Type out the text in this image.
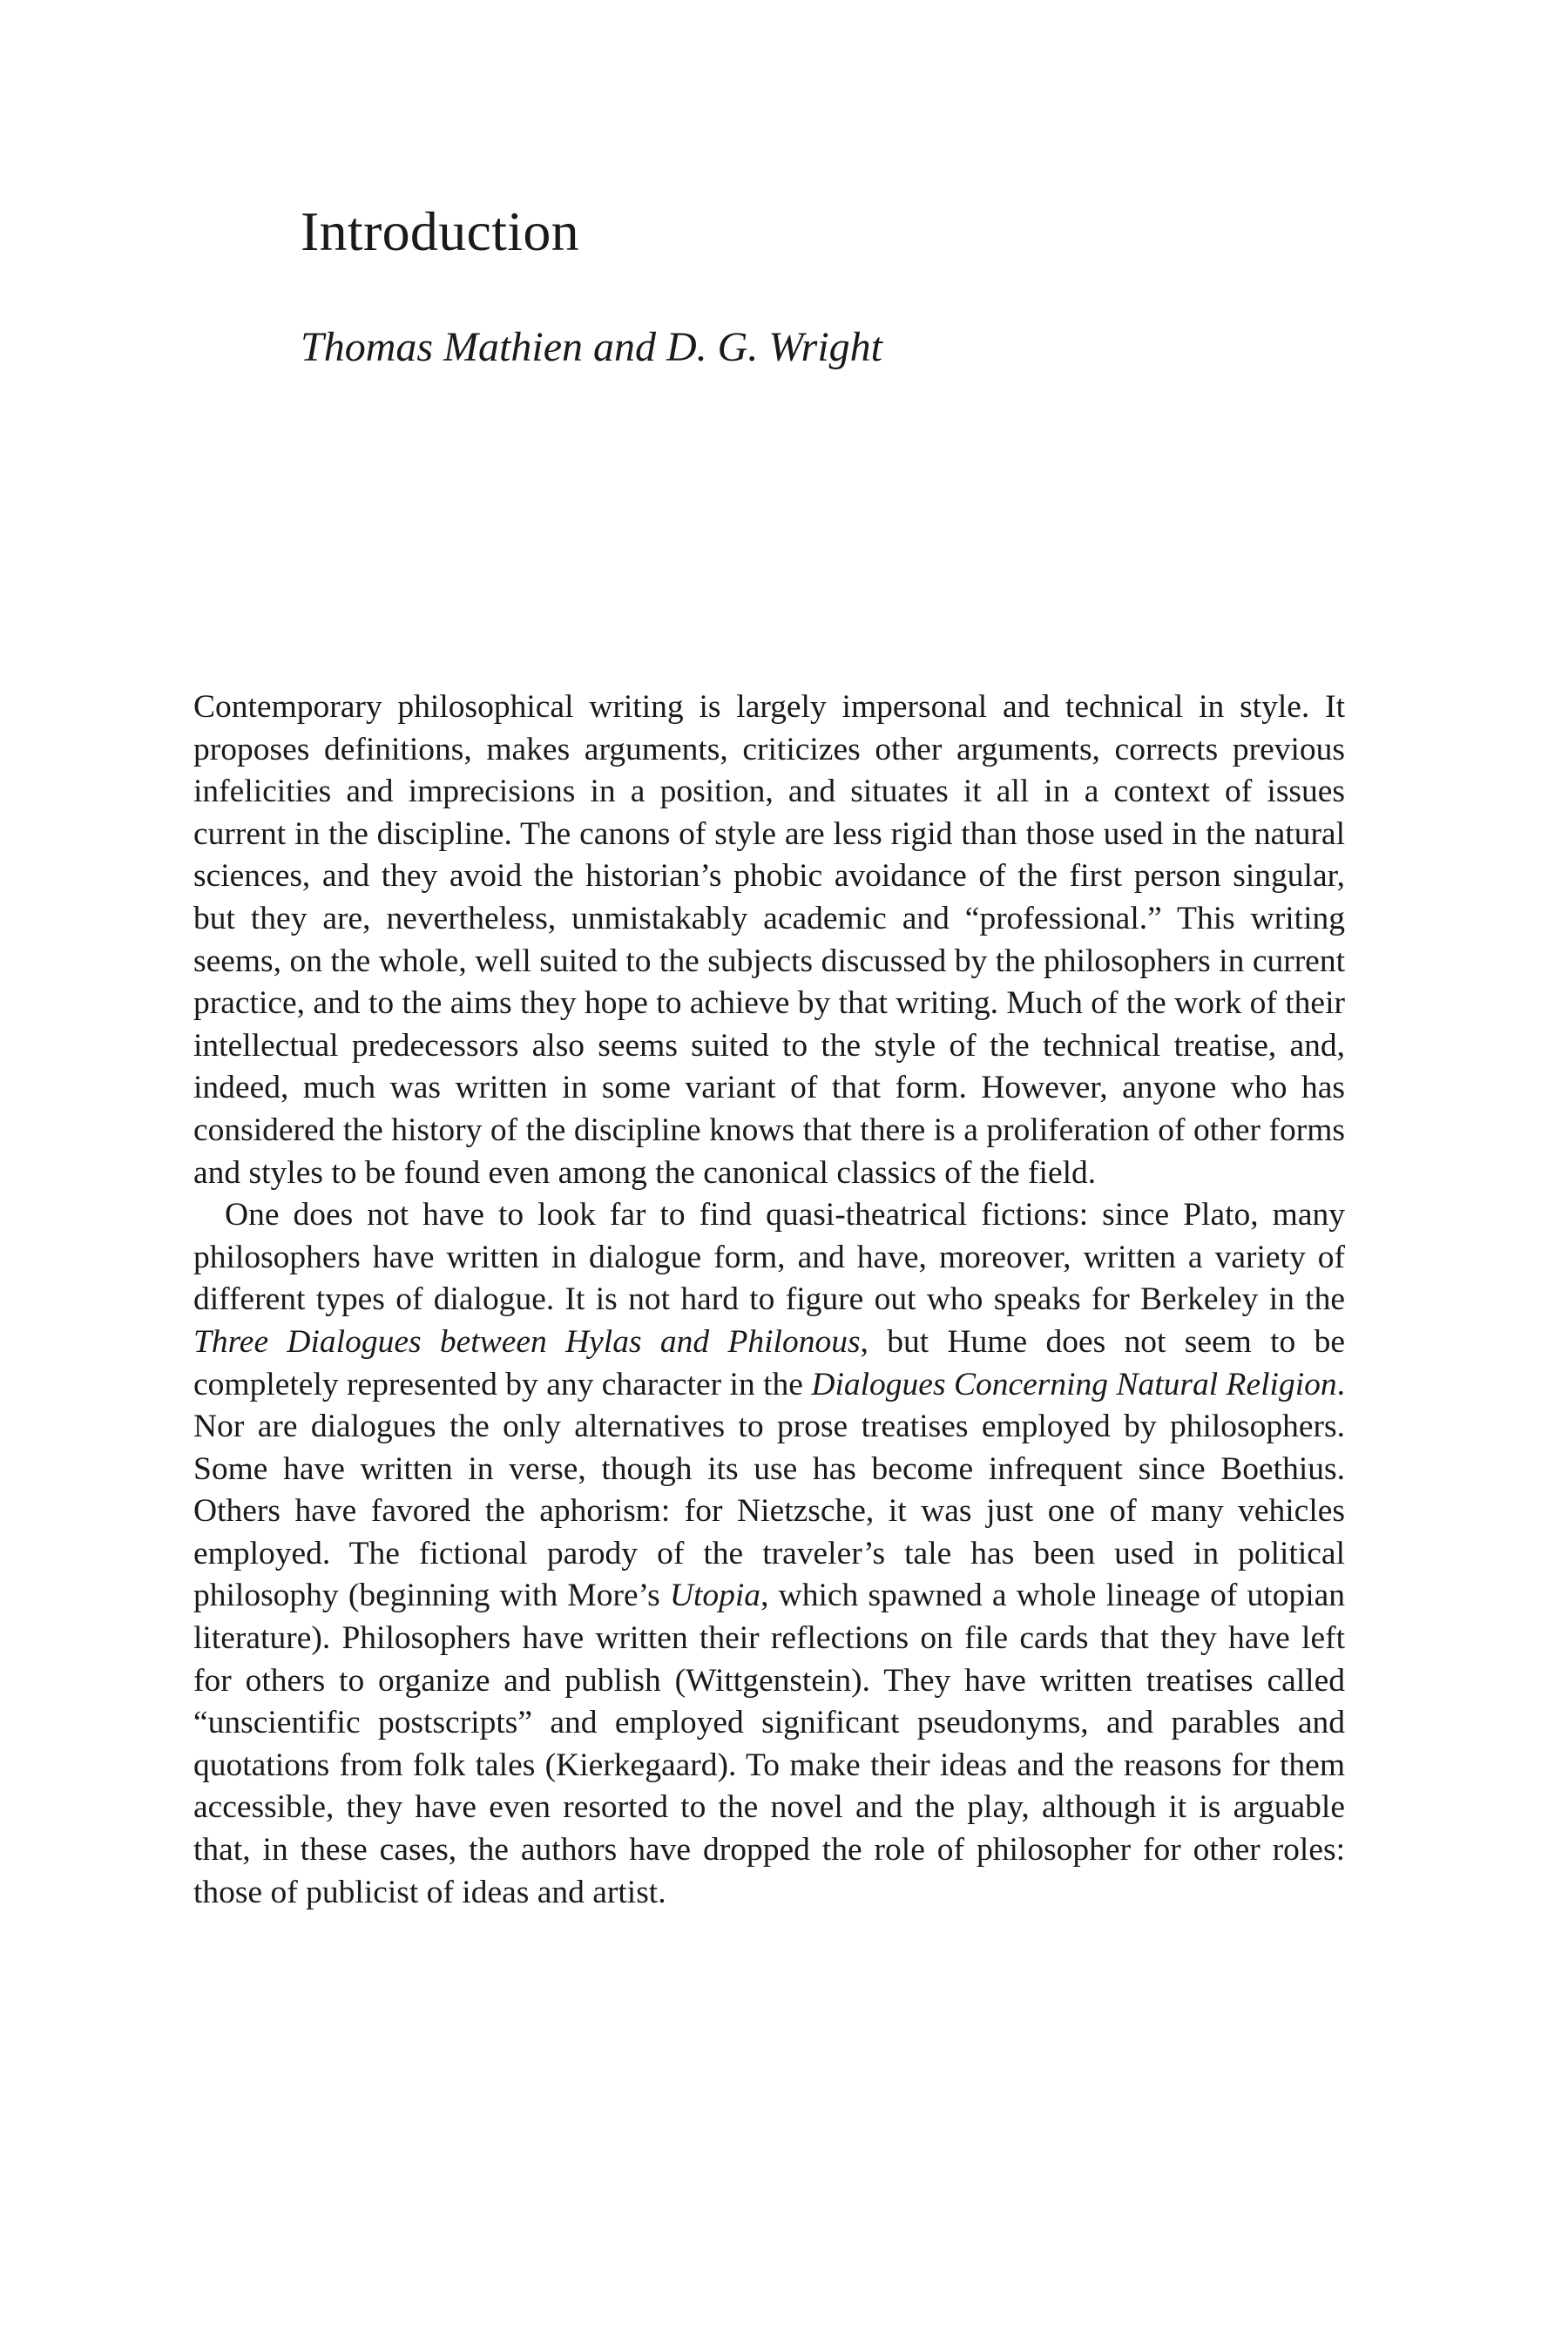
Introduction
Thomas Mathien and D. G. Wright

Contemporary philosophical writing is largely impersonal and technical in style. It proposes definitions, makes arguments, criticizes other arguments, corrects previous infelicities and imprecisions in a position, and situates it all in a context of issues current in the discipline. The canons of style are less rigid than those used in the natural sciences, and they avoid the historian’s phobic avoidance of the first person singular, but they are, nevertheless, unmistakably academic and “professional.” This writing seems, on the whole, well suited to the subjects discussed by the philosophers in current practice, and to the aims they hope to achieve by that writing. Much of the work of their intellectual predecessors also seems suited to the style of the technical treatise, and, indeed, much was written in some variant of that form. However, anyone who has considered the history of the discipline knows that there is a proliferation of other forms and styles to be found even among the canonical classics of the field.

One does not have to look far to find quasi-theatrical fictions: since Plato, many philosophers have written in dialogue form, and have, moreover, written a variety of different types of dialogue. It is not hard to figure out who speaks for Berkeley in the Three Dialogues between Hylas and Philonous, but Hume does not seem to be completely represented by any character in the Dialogues Concerning Natural Religion. Nor are dialogues the only alternatives to prose treatises employed by philosophers. Some have written in verse, though its use has become infrequent since Boethius. Others have favored the aphorism: for Nietzsche, it was just one of many vehicles employed. The fictional parody of the traveler’s tale has been used in political philosophy (beginning with More’s Utopia, which spawned a whole lineage of utopian literature). Philosophers have written their reflections on file cards that they have left for others to organize and publish (Wittgenstein). They have written treatises called “unscientific postscripts” and employed significant pseudonyms, and parables and quotations from folk tales (Kierkegaard). To make their ideas and the reasons for them accessible, they have even resorted to the novel and the play, although it is arguable that, in these cases, the authors have dropped the role of philosopher for other roles: those of publicist of ideas and artist.
